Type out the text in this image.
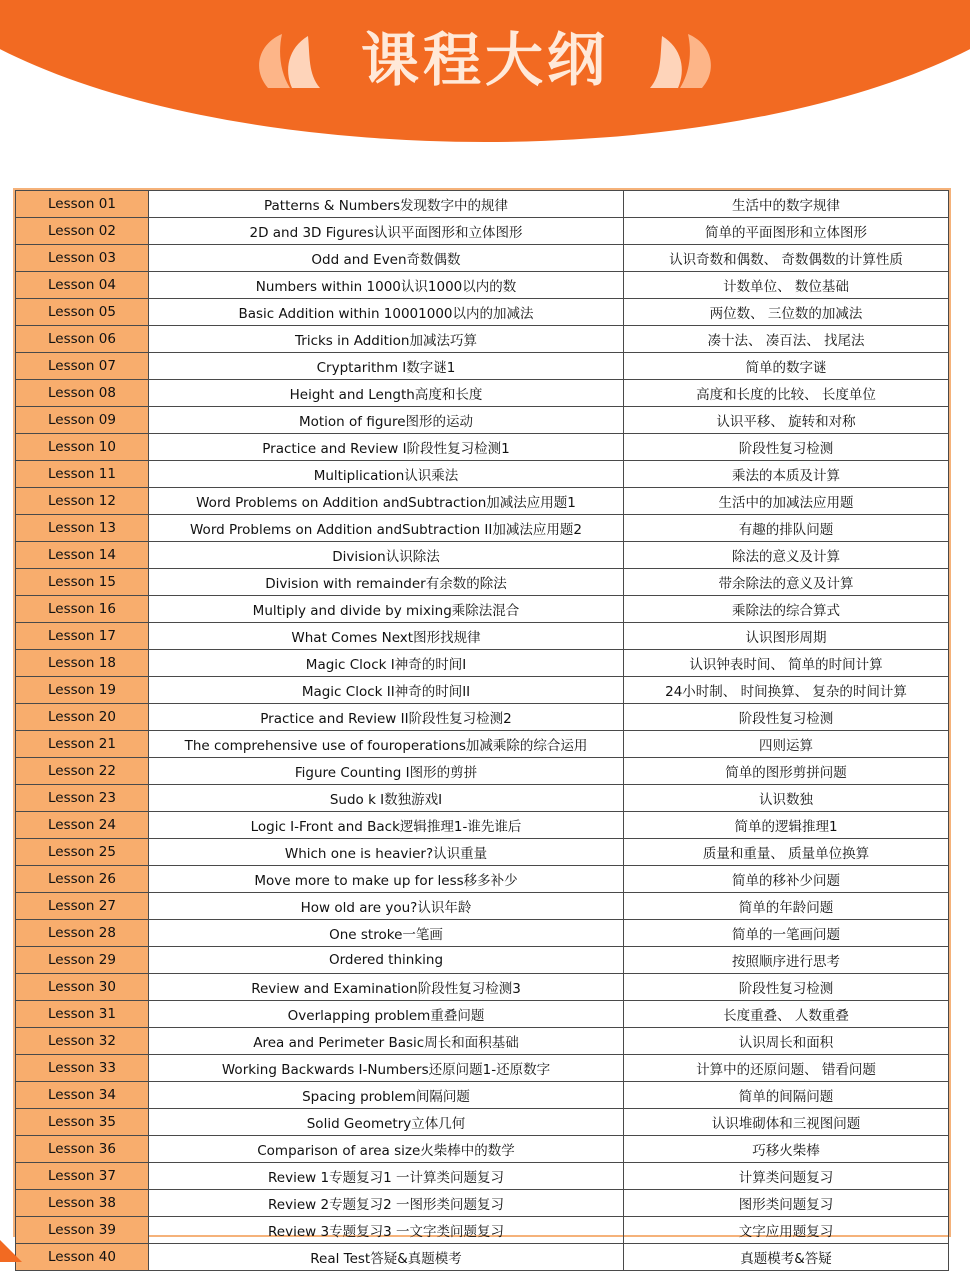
课程大纲
Lesson 01	Patterns & Numbers发现数字中的规律	生活中的数字规律
Lesson 02	2D and 3D Figures认识平面图形和立体图形	简单的平面图形和立体图形
Lesson 03	Odd and Even奇数偶数	认识奇数和偶数、 奇数偶数的计算性质
Lesson 04	Numbers within 1000认识1000以内的数	计数单位、 数位基础
Lesson 05	Basic Addition within 10001000以内的加减法	两位数、 三位数的加减法
Lesson 06	Tricks in Addition加减法巧算	凑十法、 凑百法、 找尾法
Lesson 07	Cryptarithm I数字谜1	简单的数字谜
Lesson 08	Height and Length高度和长度	高度和长度的比较、 长度单位
Lesson 09	Motion of figure图形的运动	认识平移、 旋转和对称
Lesson 10	Practice and Review I阶段性复习检测1	阶段性复习检测
Lesson 11	Multiplication认识乘法	乘法的本质及计算
Lesson 12	Word Problems on Addition andSubtraction加减法应用题1	生活中的加减法应用题
Lesson 13	Word Problems on Addition andSubtraction II加减法应用题2	有趣的排队问题
Lesson 14	Division认识除法	除法的意义及计算
Lesson 15	Division with remainder有余数的除法	带余除法的意义及计算
Lesson 16	Multiply and divide by mixing乘除法混合	乘除法的综合算式
Lesson 17	What Comes Next图形找规律	认识图形周期
Lesson 18	Magic Clock I神奇的时间I	认识钟表时间、 简单的时间计算
Lesson 19	Magic Clock II神奇的时间II	24小时制、 时间换算、 复杂的时间计算
Lesson 20	Practice and Review II阶段性复习检测2	阶段性复习检测
Lesson 21	The comprehensive use of fouroperations加减乘除的综合运用	四则运算
Lesson 22	Figure Counting I图形的剪拼	简单的图形剪拼问题
Lesson 23	Sudo k I数独游戏I	认识数独
Lesson 24	Logic I-Front and Back逻辑推理1-谁先谁后	简单的逻辑推理1
Lesson 25	Which one is heavier?认识重量	质量和重量、 质量单位换算
Lesson 26	Move more to make up for less移多补少	简单的移补少问题
Lesson 27	How old are you?认识年龄	简单的年龄问题
Lesson 28	One stroke一笔画	简单的一笔画问题
Lesson 29	Ordered thinking	按照顺序进行思考
Lesson 30	Review and Examination阶段性复习检测3	阶段性复习检测
Lesson 31	Overlapping problem重叠问题	长度重叠、 人数重叠
Lesson 32	Area and Perimeter Basic周长和面积基础	认识周长和面积
Lesson 33	Working Backwards I-Numbers还原问题1-还原数字	计算中的还原问题、 错看问题
Lesson 34	Spacing problem间隔问题	简单的间隔问题
Lesson 35	Solid Geometry立体几何	认识堆砌体和三视图问题
Lesson 36	Comparison of area size火柴棒中的数学	巧移火柴棒
Lesson 37	Review 1专题复习1 一计算类问题复习	计算类问题复习
Lesson 38	Review 2专题复习2 一图形类问题复习	图形类问题复习
Lesson 39	Review 3专题复习3 一文字类问题复习	文字应用题复习
Lesson 40	Real Test答疑&真题模考	真题模考&答疑
